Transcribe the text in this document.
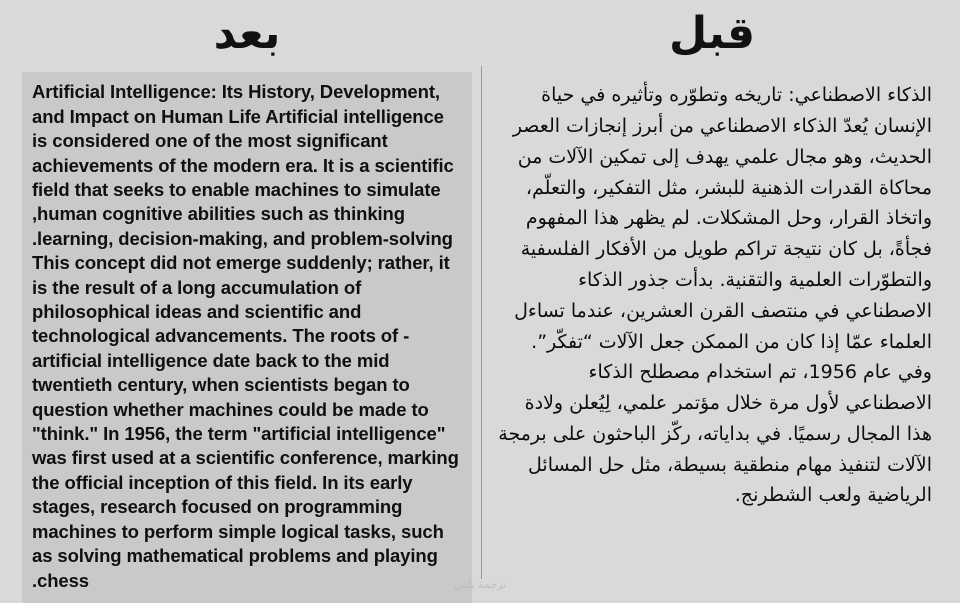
بعد
,Artificial Intelligence: Its History, Development and Impact on Human Life Artificial intelligence is considered one of the most significant achievements of the modern era. It is a scientific field that seeks to enable machines to simulate ,human cognitive abilities such as thinking .learning, decision-making, and problem-solving This concept did not emerge suddenly; rather, it is the result of a long accumulation of philosophical ideas and scientific and technological advancements. The roots of -artificial intelligence date back to the mid twentieth century, when scientists began to question whether machines could be made to "think." In 1956, the term "artificial intelligence" was first used at a scientific conference, marking the official inception of this field. In its early stages, research focused on programming machines to perform simple logical tasks, such as solving mathematical problems and playing .chess
قبل
الذكاء الاصطناعي: تاريخه وتطوّره وتأثيره في حياة الإنسان يُعدّ الذكاء الاصطناعي من أبرز إنجازات العصر الحديث، وهو مجال علمي يهدف إلى تمكين الآلات من محاكاة القدرات الذهنية للبشر، مثل التفكير، والتعلّم، واتخاذ القرار، وحل المشكلات. لم يظهر هذا المفهوم فجأةً، بل كان نتيجة تراكم طويل من الأفكار الفلسفية والتطوّرات العلمية والتقنية. بدأت جذور الذكاء الاصطناعي في منتصف القرن العشرين، عندما تساءل العلماء عمّا إذا كان من الممكن جعل الآلات “تفكّر”. وفي عام 1956، تم استخدام مصطلح الذكاء الاصطناعي لأول مرة خلال مؤتمر علمي، لِيُعلن ولادة هذا المجال رسميًا. في بداياته، ركّز الباحثون على برمجة الآلات لتنفيذ مهام منطقية بسيطة، مثل حل المسائل الرياضية ولعب الشطرنج.
ترجمة بلس
